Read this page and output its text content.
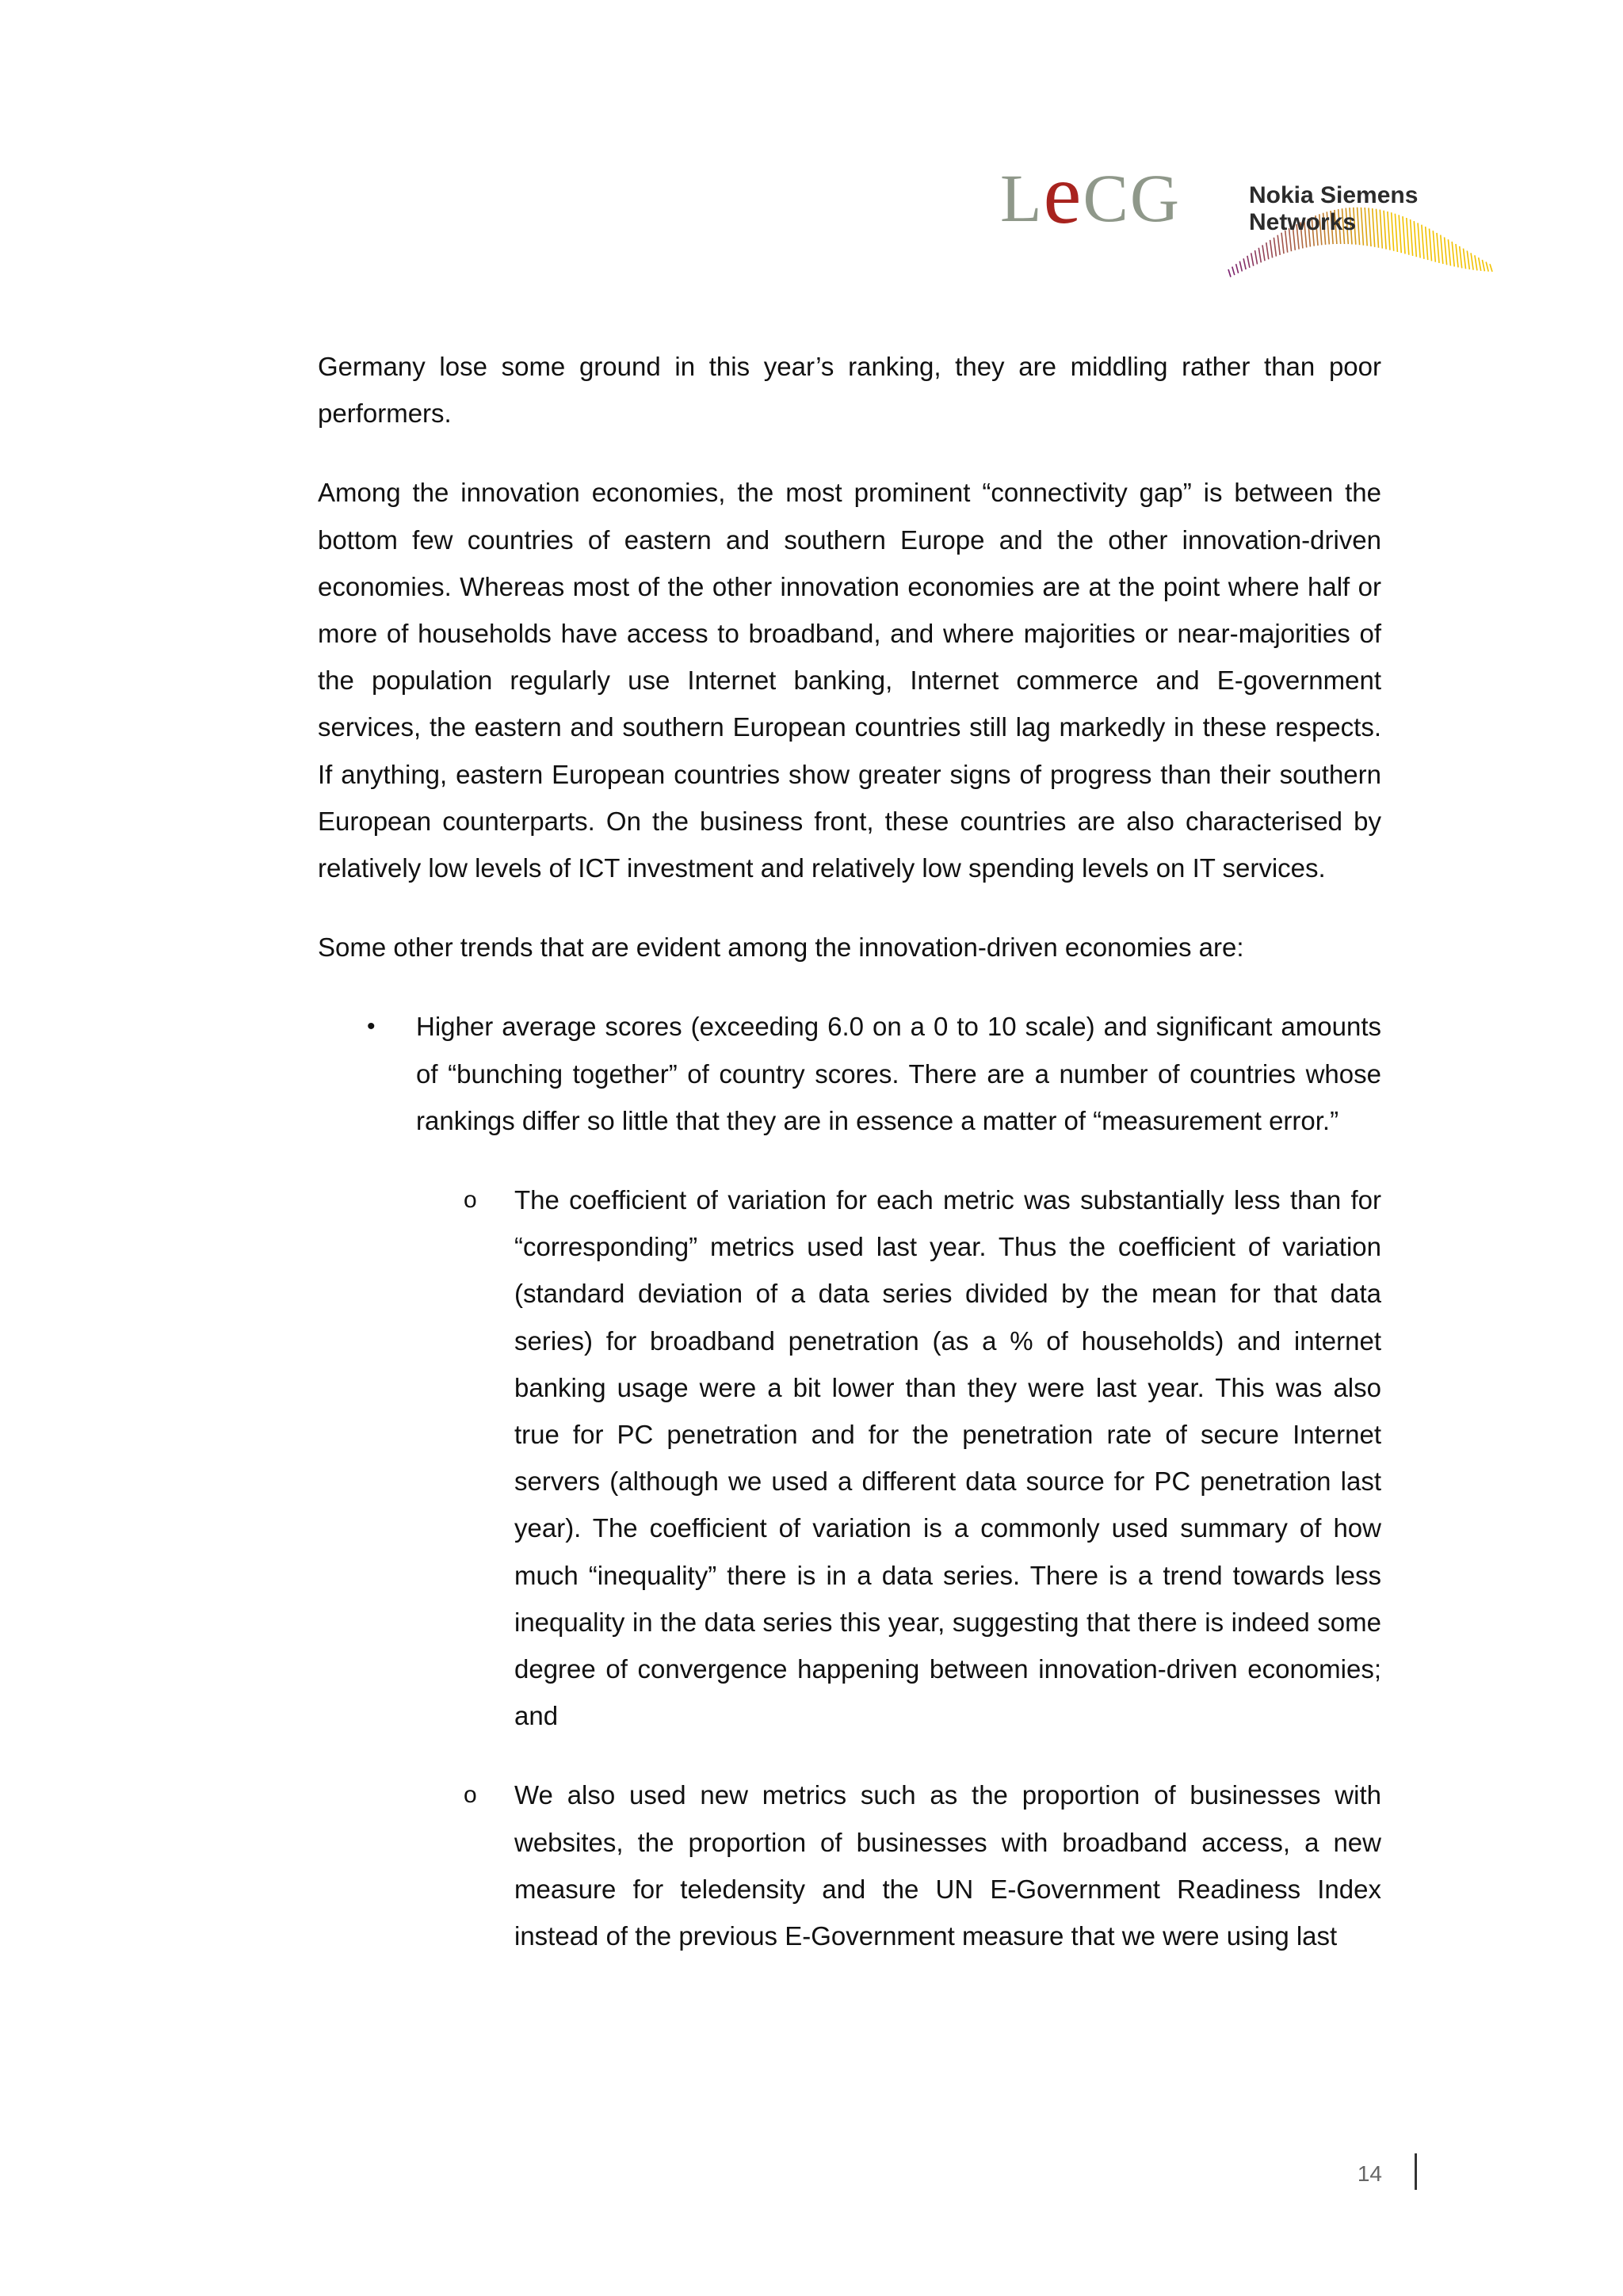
LeCG	Nokia Siemens
Networks

Germany lose some ground in this year’s ranking, they are middling rather than poor performers.

Among the innovation economies, the most prominent “connectivity gap” is between the bottom few countries of eastern and southern Europe and the other innovation-driven economies. Whereas most of the other innovation economies are at the point where half or more of households have access to broadband, and where majorities or near-majorities of the population regularly use Internet banking, Internet commerce and E-government services, the eastern and southern European countries still lag markedly in these respects. If anything, eastern European countries show greater signs of progress than their southern European counterparts. On the business front, these countries are also characterised by relatively low levels of ICT investment and relatively low spending levels on IT services.

Some other trends that are evident among the innovation-driven economies are:

• Higher average scores (exceeding 6.0 on a 0 to 10 scale) and significant amounts of “bunching together” of country scores. There are a number of countries whose rankings differ so little that they are in essence a matter of “measurement error.”
o The coefficient of variation for each metric was substantially less than for “corresponding” metrics used last year. Thus the coefficient of variation (standard deviation of a data series divided by the mean for that data series) for broadband penetration (as a % of households) and internet banking usage were a bit lower than they were last year. This was also true for PC penetration and for the penetration rate of secure Internet servers (although we used a different data source for PC penetration last year). The coefficient of variation is a commonly used summary of how much “inequality” there is in a data series. There is a trend towards less inequality in the data series this year, suggesting that there is indeed some degree of convergence happening between innovation-driven economies; and
o We also used new metrics such as the proportion of businesses with websites, the proportion of businesses with broadband access, a new measure for teledensity and the UN E-Government Readiness Index instead of the previous E-Government measure that we were using last
14
